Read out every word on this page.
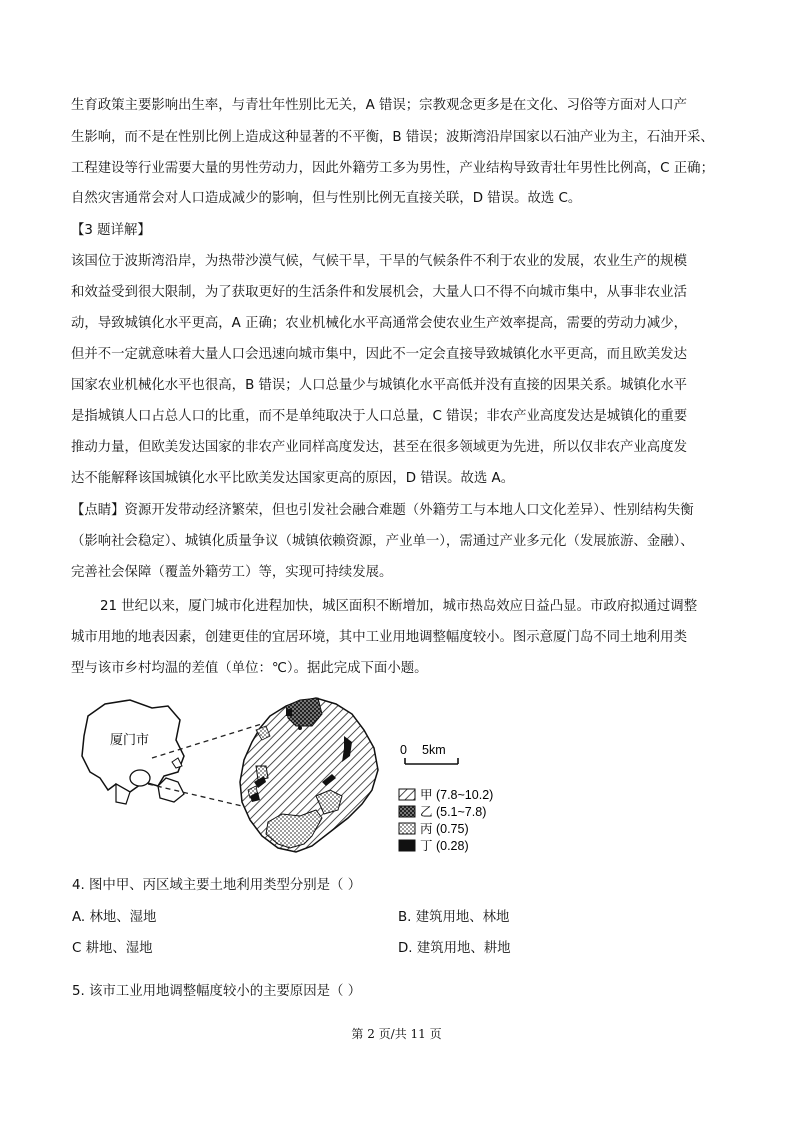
生育政策主要影响出生率，与青壮年性别比无关，A 错误；宗教观念更多是在文化、习俗等方面对人口产
生影响，而不是在性别比例上造成这种显著的不平衡，B 错误；波斯湾沿岸国家以石油产业为主，石油开采、
工程建设等行业需要大量的男性劳动力，因此外籍劳工多为男性，产业结构导致青壮年男性比例高，C 正确；
自然灾害通常会对人口造成减少的影响，但与性别比例无直接关联，D 错误。故选 C。
【3 题详解】
该国位于波斯湾沿岸，为热带沙漠气候，气候干旱，干旱的气候条件不利于农业的发展，农业生产的规模
和效益受到很大限制，为了获取更好的生活条件和发展机会，大量人口不得不向城市集中，从事非农业活
动，导致城镇化水平更高，A 正确；农业机械化水平高通常会使农业生产效率提高，需要的劳动力减少，
但并不一定就意味着大量人口会迅速向城市集中，因此不一定会直接导致城镇化水平更高，而且欧美发达
国家农业机械化水平也很高，B 错误；人口总量少与城镇化水平高低并没有直接的因果关系。城镇化水平
是指城镇人口占总人口的比重，而不是单纯取决于人口总量，C 错误；非农产业高度发达是城镇化的重要
推动力量，但欧美发达国家的非农产业同样高度发达，甚至在很多领域更为先进，所以仅非农产业高度发
达不能解释该国城镇化水平比欧美发达国家更高的原因，D 错误。故选 A。
【点睛】资源开发带动经济繁荣，但也引发社会融合难题（外籍劳工与本地人口文化差异）、性别结构失衡
（影响社会稳定）、城镇化质量争议（城镇依赖资源，产业单一），需通过产业多元化（发展旅游、金融）、
完善社会保障（覆盖外籍劳工）等，实现可持续发展。
21 世纪以来，厦门城市化进程加快，城区面积不断增加，城市热岛效应日益凸显。市政府拟通过调整
城市用地的地表因素，创建更佳的宜居环境，其中工业用地调整幅度较小。图示意厦门岛不同土地利用类
型与该市乡村均温的差值（单位：℃）。据此完成下面小题。
厦门市
0 5km
甲 (7.8~10.2)
乙 (5.1~7.8)
丙 (0.75)
丁 (0.28)
4. 图中甲、丙区域主要土地利用类型分别是（ ）
A. 林地、湿地	B. 建筑用地、林地
C 耕地、湿地	D. 建筑用地、耕地
5. 该市工业用地调整幅度较小的主要原因是（ ）
第 2 页/共 11 页
